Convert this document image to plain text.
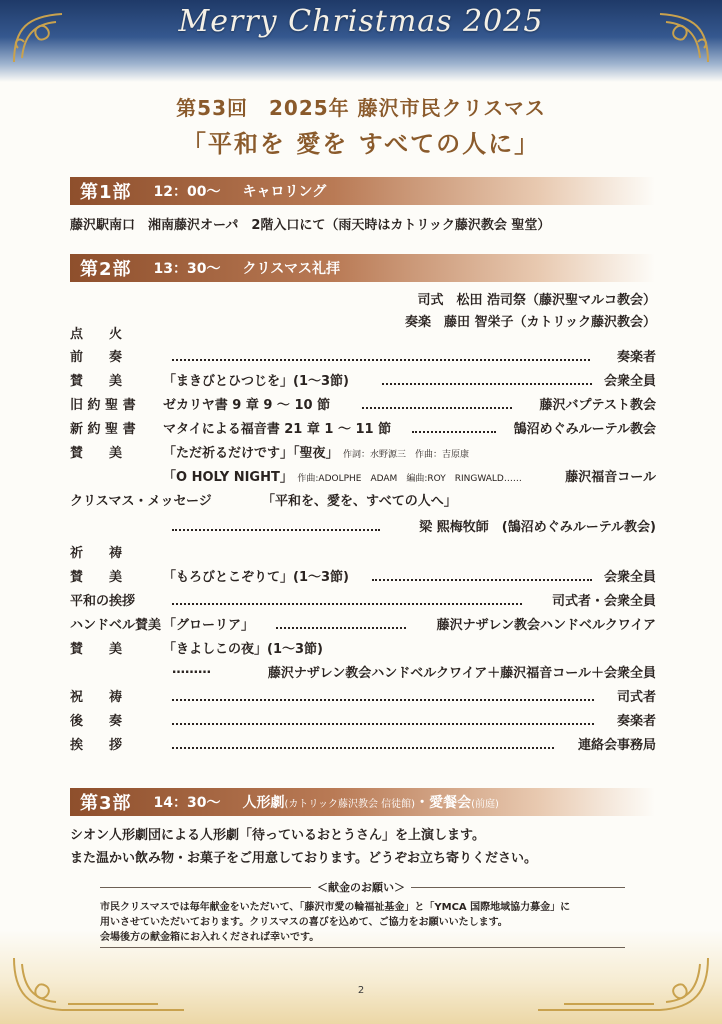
Merry Christmas 2025
第53回　2025年 藤沢市民クリスマス
「平和を 愛を すべての人に」
第1部 12：00～ キャロリング
藤沢駅南口　湘南藤沢オーパ　2階入口にて（雨天時はカトリック藤沢教会 聖堂）
第2部 13：30～ クリスマス礼拝
司式　松田 浩司祭（藤沢聖マルコ教会）
奏楽　藤田 智栄子（カトリック藤沢教会）
点　　火
前　　奏	奏楽者
賛　　美	「まきびとひつじを」(1～3節)	会衆全員
旧 約 聖 書 ゼカリヤ書 9 章 9 ～ 10 節	藤沢バプテスト教会
新 約 聖 書 マタイによる福音書 21 章 1 ～ 11 節	鵠沼めぐみルーテル教会
賛　　美	「ただ祈るだけです」「聖夜」 作詞：水野源三　作曲：吉原康
「O HOLY NIGHT」 作曲:ADOLPHE　ADAM　編曲:ROY　RINGWALD……	藤沢福音コール
クリスマス・メッセージ	「平和を、愛を、すべての人へ」
梁 熙梅牧師　(鵠沼めぐみルーテル教会)
祈　　祷
賛　　美	「もろびとこぞりて」(1～3節)	会衆全員
平和の挨拶	司式者・会衆全員
ハンドベル賛美 「グローリア」	藤沢ナザレン教会ハンドベルクワイア
賛　　美	「きよしこの夜」(1～3節)
………	藤沢ナザレン教会ハンドベルクワイア＋藤沢福音コール＋会衆全員
祝　　祷	司式者
後　　奏	奏楽者
挨　　拶	連絡会事務局
第3部 14：30～ 人形劇(カトリック藤沢教会 信徒館)・愛餐会(前庭)
シオン人形劇団による人形劇「待っているおとうさん」を上演します。
また温かい飲み物・お菓子をご用意しております。どうぞお立ち寄りください。
＜献金のお願い＞
市民クリスマスでは毎年献金をいただいて、「藤沢市愛の輪福祉基金」と「YMCA 国際地域協力募金」に
用いさせていただいております。クリスマスの喜びを込めて、ご協力をお願いいたします。
会場後方の献金箱にお入れくだされば幸いです。
2
